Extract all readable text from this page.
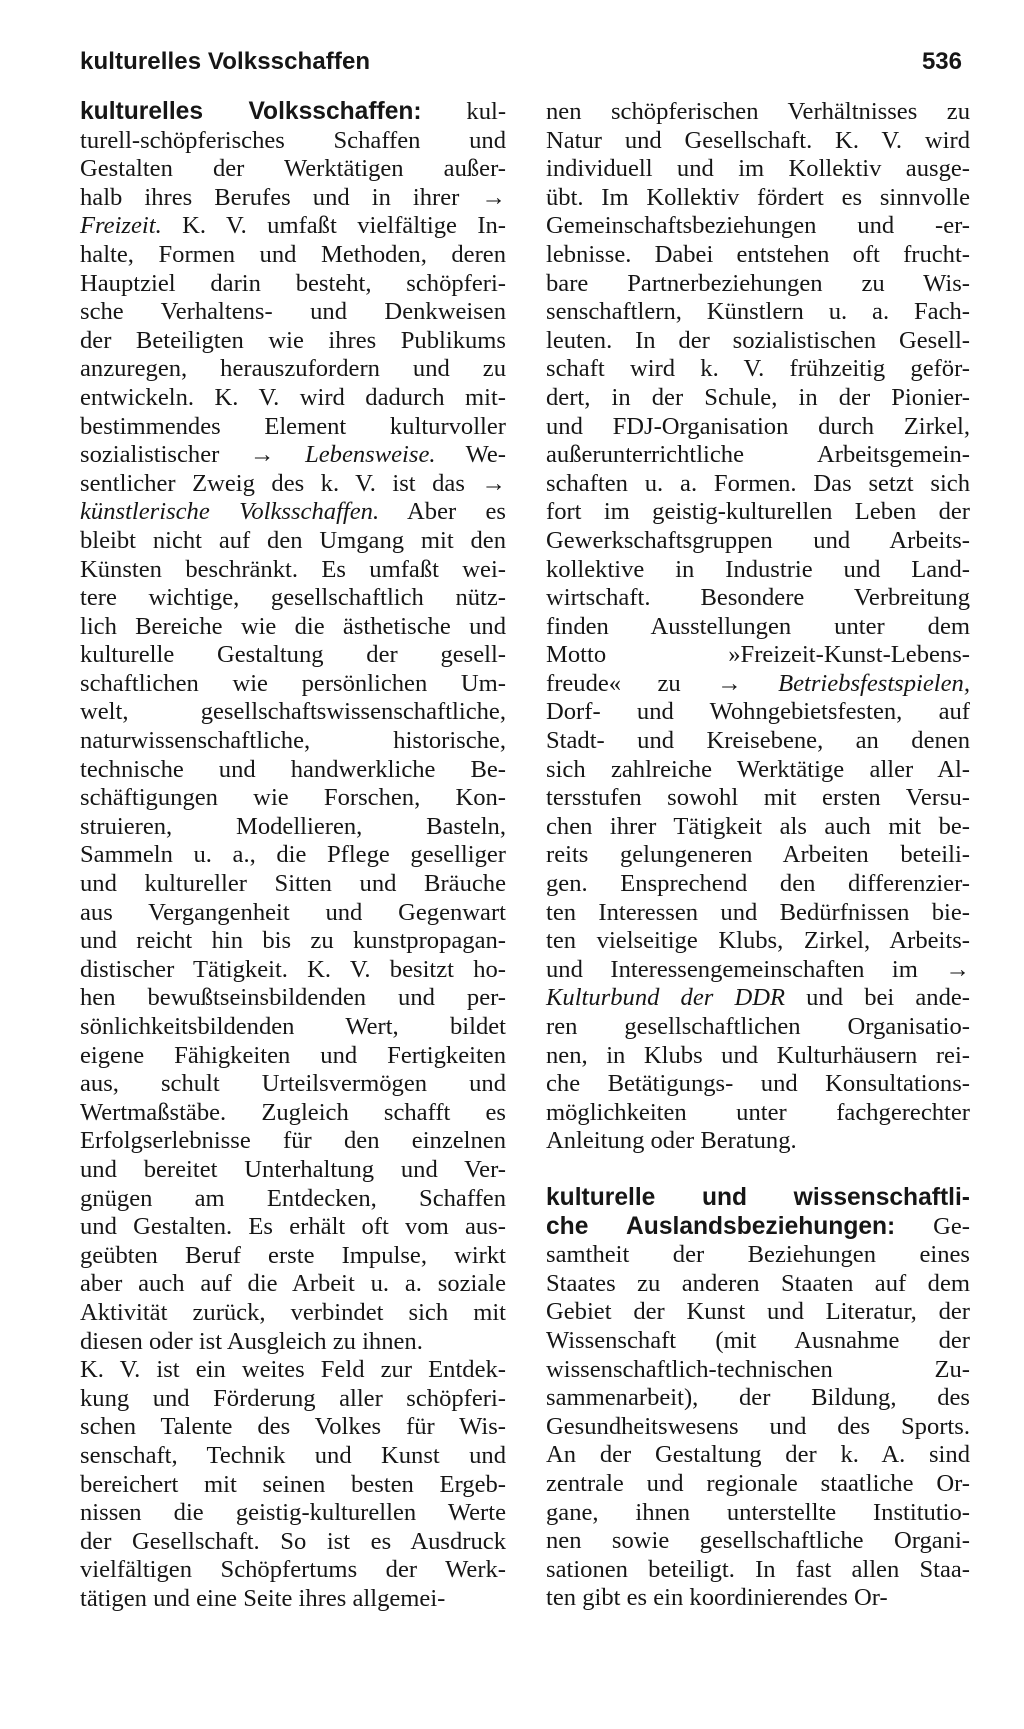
kulturelles Volksschaffen	536
kulturelles Volksschaffen: kul-
turell-schöpferisches Schaffen und
Gestalten der Werktätigen außer-
halb ihres Berufes und in ihrer →
Freizeit. K. V. umfaßt vielfältige In-
halte, Formen und Methoden, deren
Hauptziel darin besteht, schöpferi-
sche Verhaltens- und Denkweisen
der Beteiligten wie ihres Publikums
anzuregen, herauszufordern und zu
entwickeln. K. V. wird dadurch mit-
bestimmendes Element kulturvoller
sozialistischer → Lebensweise. We-
sentlicher Zweig des k. V. ist das →
künstlerische Volksschaffen. Aber es
bleibt nicht auf den Umgang mit den
Künsten beschränkt. Es umfaßt wei-
tere wichtige, gesellschaftlich nütz-
lich Bereiche wie die ästhetische und
kulturelle Gestaltung der gesell-
schaftlichen wie persönlichen Um-
welt, gesellschaftswissenschaftliche,
naturwissenschaftliche, historische,
technische und handwerkliche Be-
schäftigungen wie Forschen, Kon-
struieren, Modellieren, Basteln,
Sammeln u. a., die Pflege geselliger
und kultureller Sitten und Bräuche
aus Vergangenheit und Gegenwart
und reicht hin bis zu kunstpropagan-
distischer Tätigkeit. K. V. besitzt ho-
hen bewußtseinsbildenden und per-
sönlichkeitsbildenden Wert, bildet
eigene Fähigkeiten und Fertigkeiten
aus, schult Urteilsvermögen und
Wertmaßstäbe. Zugleich schafft es
Erfolgserlebnisse für den einzelnen
und bereitet Unterhaltung und Ver-
gnügen am Entdecken, Schaffen
und Gestalten. Es erhält oft vom aus-
geübten Beruf erste Impulse, wirkt
aber auch auf die Arbeit u. a. soziale
Aktivität zurück, verbindet sich mit
diesen oder ist Ausgleich zu ihnen.
K. V. ist ein weites Feld zur Entdek-
kung und Förderung aller schöpferi-
schen Talente des Volkes für Wis-
senschaft, Technik und Kunst und
bereichert mit seinen besten Ergeb-
nissen die geistig-kulturellen Werte
der Gesellschaft. So ist es Ausdruck
vielfältigen Schöpfertums der Werk-
tätigen und eine Seite ihres allgemei-
nen schöpferischen Verhältnisses zu
Natur und Gesellschaft. K. V. wird
individuell und im Kollektiv ausge-
übt. Im Kollektiv fördert es sinnvolle
Gemeinschaftsbeziehungen und -er-
lebnisse. Dabei entstehen oft frucht-
bare Partnerbeziehungen zu Wis-
senschaftlern, Künstlern u. a. Fach-
leuten. In der sozialistischen Gesell-
schaft wird k. V. frühzeitig geför-
dert, in der Schule, in der Pionier-
und FDJ-Organisation durch Zirkel,
außerunterrichtliche Arbeitsgemein-
schaften u. a. Formen. Das setzt sich
fort im geistig-kulturellen Leben der
Gewerkschaftsgruppen und Arbeits-
kollektive in Industrie und Land-
wirtschaft. Besondere Verbreitung
finden Ausstellungen unter dem
Motto »Freizeit-Kunst-Lebens-
freude« zu → Betriebsfestspielen,
Dorf- und Wohngebietsfesten, auf
Stadt- und Kreisebene, an denen
sich zahlreiche Werktätige aller Al-
tersstufen sowohl mit ersten Versu-
chen ihrer Tätigkeit als auch mit be-
reits gelungeneren Arbeiten beteili-
gen. Ensprechend den differenzier-
ten Interessen und Bedürfnissen bie-
ten vielseitige Klubs, Zirkel, Arbeits-
und Interessengemeinschaften im →
Kulturbund der DDR und bei ande-
ren gesellschaftlichen Organisatio-
nen, in Klubs und Kulturhäusern rei-
che Betätigungs- und Konsultations-
möglichkeiten unter fachgerechter
Anleitung oder Beratung.
kulturelle und wissenschaftli-
che Auslandsbeziehungen: Ge-
samtheit der Beziehungen eines
Staates zu anderen Staaten auf dem
Gebiet der Kunst und Literatur, der
Wissenschaft (mit Ausnahme der
wissenschaftlich-technischen Zu-
sammenarbeit), der Bildung, des
Gesundheitswesens und des Sports.
An der Gestaltung der k. A. sind
zentrale und regionale staatliche Or-
gane, ihnen unterstellte Institutio-
nen sowie gesellschaftliche Organi-
sationen beteiligt. In fast allen Staa-
ten gibt es ein koordinierendes Or-
